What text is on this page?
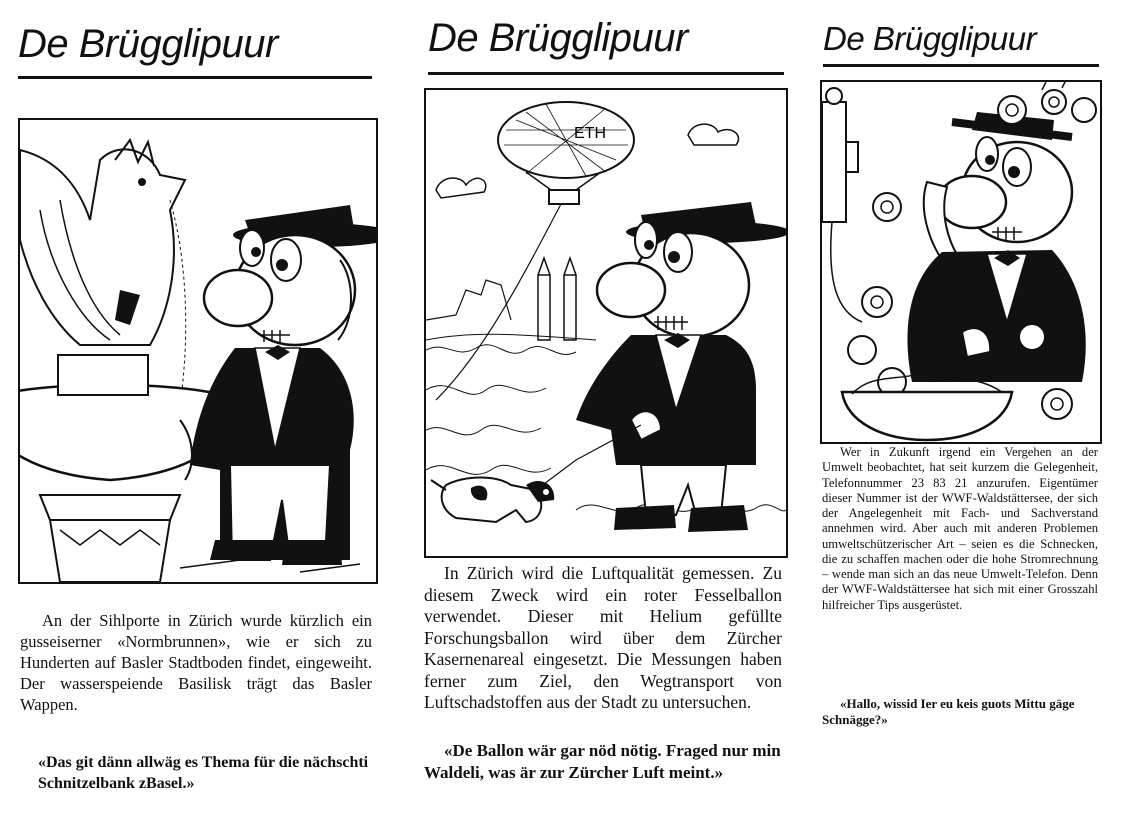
De Brügglipuur

An der Sihlporte in Zürich wurde kürzlich ein gusseiserner «Normbrunnen», wie er sich zu Hunderten auf Basler Stadtboden findet, eingeweiht. Der wasserspeiende Basilisk trägt das Basler Wappen.

«Das git dänn allwäg es Thema für die nächschti Schnitzelbank zBasel.»

De Brügglipuur
ETH

In Zürich wird die Luftqualität gemessen. Zu diesem Zweck wird ein roter Fesselballon verwendet. Dieser mit Helium gefüllte Forschungsballon wird über dem Zürcher Kasernenareal eingesetzt. Die Messungen haben ferner zum Ziel, den Wegtransport von Luftschadstoffen aus der Stadt zu untersuchen.

«De Ballon wär gar nöd nötig. Fraged nur min Waldeli, was är zur Zürcher Luft meint.»

De Brügglipuur

Wer in Zukunft irgend ein Vergehen an der Umwelt beobachtet, hat seit kurzem die Gelegenheit, Telefonnummer 23 83 21 anzurufen. Eigentümer dieser Nummer ist der WWF-Waldstättersee, der sich der Angelegenheit mit Fach- und Sachverstand annehmen wird. Aber auch mit anderen Problemen umweltschützerischer Art – seien es die Schnecken, die zu schaffen machen oder die hohe Stromrechnung – wende man sich an das neue Umwelt-Telefon. Denn der WWF-Waldstättersee hat sich mit einer Grosszahl hilfreicher Tips ausgerüstet.

«Hallo, wissid Ier eu keis guots Mittu gäge Schnägge?»
